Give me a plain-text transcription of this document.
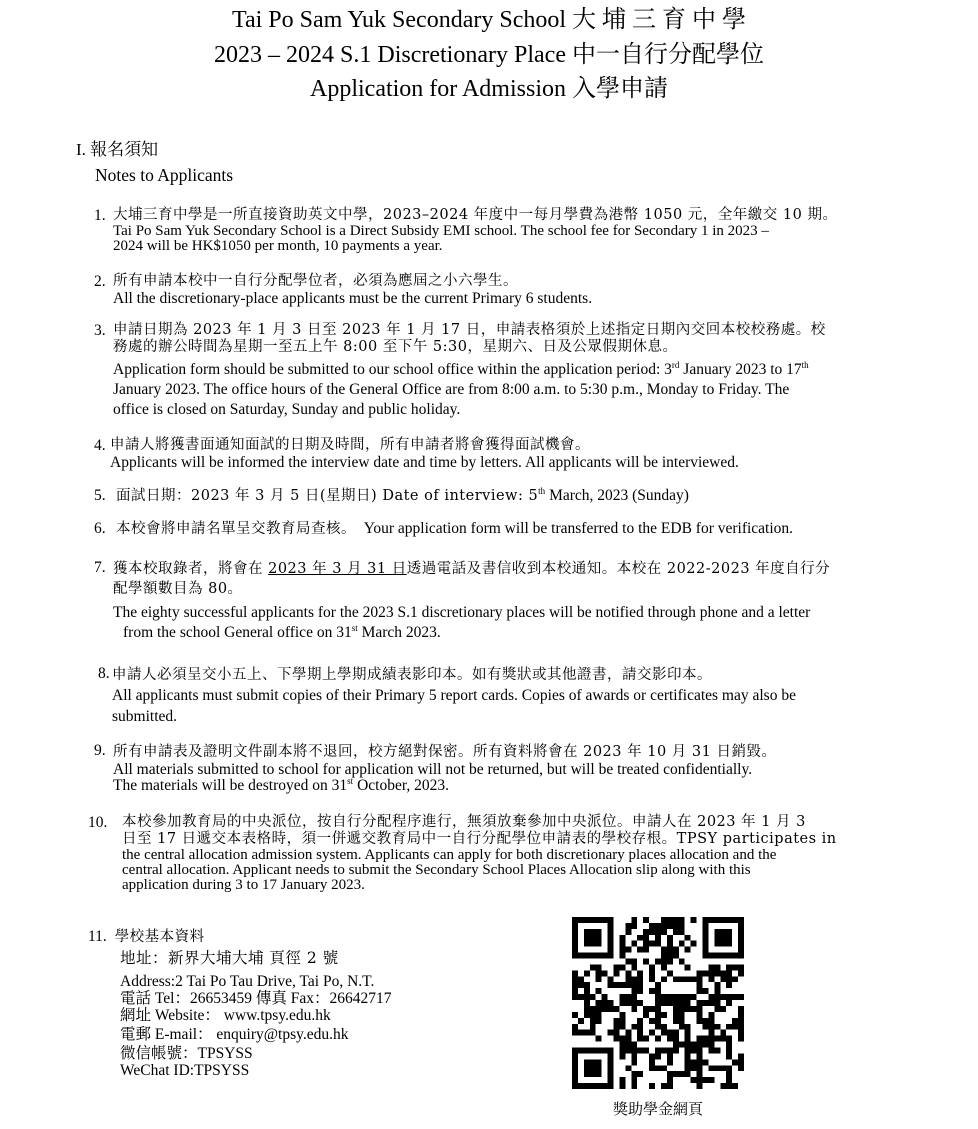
Tai Po Sam Yuk Secondary School 大 埔 三 育 中 學
2023 – 2024 S.1 Discretionary Place 中一自行分配學位
Application for Admission 入學申請
I. 報名須知
Notes to Applicants
1. 大埔三育中學是一所直接資助英文中學，2023–2024 年度中一每月學費為港幣 1050 元，全年繳交 10 期。
Tai Po Sam Yuk Secondary School is a Direct Subsidy EMI school. The school fee for Secondary 1 in 2023 –
2024 will be HK$1050 per month, 10 payments a year.
2. 所有申請本校中一自行分配學位者，必須為應屆之小六學生。
All the discretionary-place applicants must be the current Primary 6 students.
3. 申請日期為 2023 年 1 月 3 日至 2023 年 1 月 17 日，申請表格須於上述指定日期內交回本校校務處。校
務處的辦公時間為星期一至五上午 8:00 至下午 5:30，星期六、日及公眾假期休息。
Application form should be submitted to our school office within the application period: 3rd January 2023 to 17th
January 2023. The office hours of the General Office are from 8:00 a.m. to 5:30 p.m., Monday to Friday. The
office is closed on Saturday, Sunday and public holiday.
4. 申請人將獲書面通知面試的日期及時間，所有申請者將會獲得面試機會。
Applicants will be informed the interview date and time by letters. All applicants will be interviewed.
5. 面試日期：2023 年 3 月 5 日(星期日) Date of interview: 5th March, 2023 (Sunday)
6. 本校會將申請名單呈交教育局查核。 Your application form will be transferred to the EDB for verification.
7. 獲本校取錄者，將會在 2023 年 3 月 31 日透過電話及書信收到本校通知。本校在 2022-2023 年度自行分
配學額數目為 80。
The eighty successful applicants for the 2023 S.1 discretionary places will be notified through phone and a letter
from the school General office on 31st March 2023.
8. 申請人必須呈交小五上、下學期上學期成績表影印本。如有獎狀或其他證書，請交影印本。
All applicants must submit copies of their Primary 5 report cards. Copies of awards or certificates may also be
submitted.
9. 所有申請表及證明文件副本將不退回，校方絕對保密。所有資料將會在 2023 年 10 月 31 日銷毀。
All materials submitted to school for application will not be returned, but will be treated confidentially.
The materials will be destroyed on 31st October, 2023.
10. 本校參加教育局的中央派位，按自行分配程序進行，無須放棄參加中央派位。申請人在 2023 年 1 月 3
日至 17 日遞交本表格時，須一併遞交教育局中一自行分配學位申請表的學校存根。TPSY participates in
the central allocation admission system. Applicants can apply for both discretionary places allocation and the
central allocation. Applicant needs to submit the Secondary School Places Allocation slip along with this
application during 3 to 17 January 2023.
11. 學校基本資料
地址：新界大埔大埔 頁徑 2 號
Address:2 Tai Po Tau Drive, Tai Po, N.T.
電話 Tel：26653459 傳真 Fax：26642717
網址 Website： www.tpsy.edu.hk
電郵 E-mail： enquiry@tpsy.edu.hk
微信帳號：TPSYSS
WeChat ID:TPSYSS
獎助學金網頁
